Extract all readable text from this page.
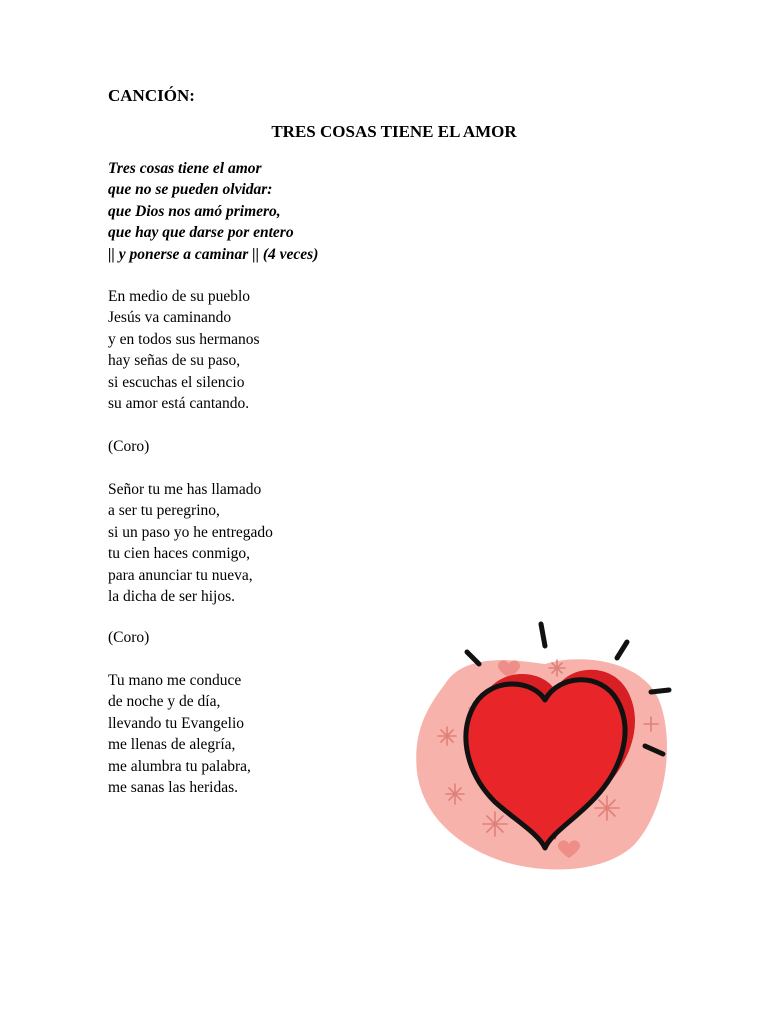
CANCIÓN:

TRES COSAS TIENE EL AMOR

Tres cosas tiene el amor
que no se pueden olvidar:
que Dios nos amó primero,
que hay que darse por entero
|| y ponerse a caminar || (4 veces)
En medio de su pueblo
Jesús va caminando
y en todos sus hermanos
hay señas de su paso,
si escuchas el silencio
su amor está cantando.
(Coro)
Señor tu me has llamado
a ser tu peregrino,
si un paso yo he entregado
tu cien haces conmigo,
para anunciar tu nueva,
la dicha de ser hijos.
(Coro)
Tu mano me conduce
de noche y de día,
llevando tu Evangelio
me llenas de alegría,
me alumbra tu palabra,
me sanas las heridas.
